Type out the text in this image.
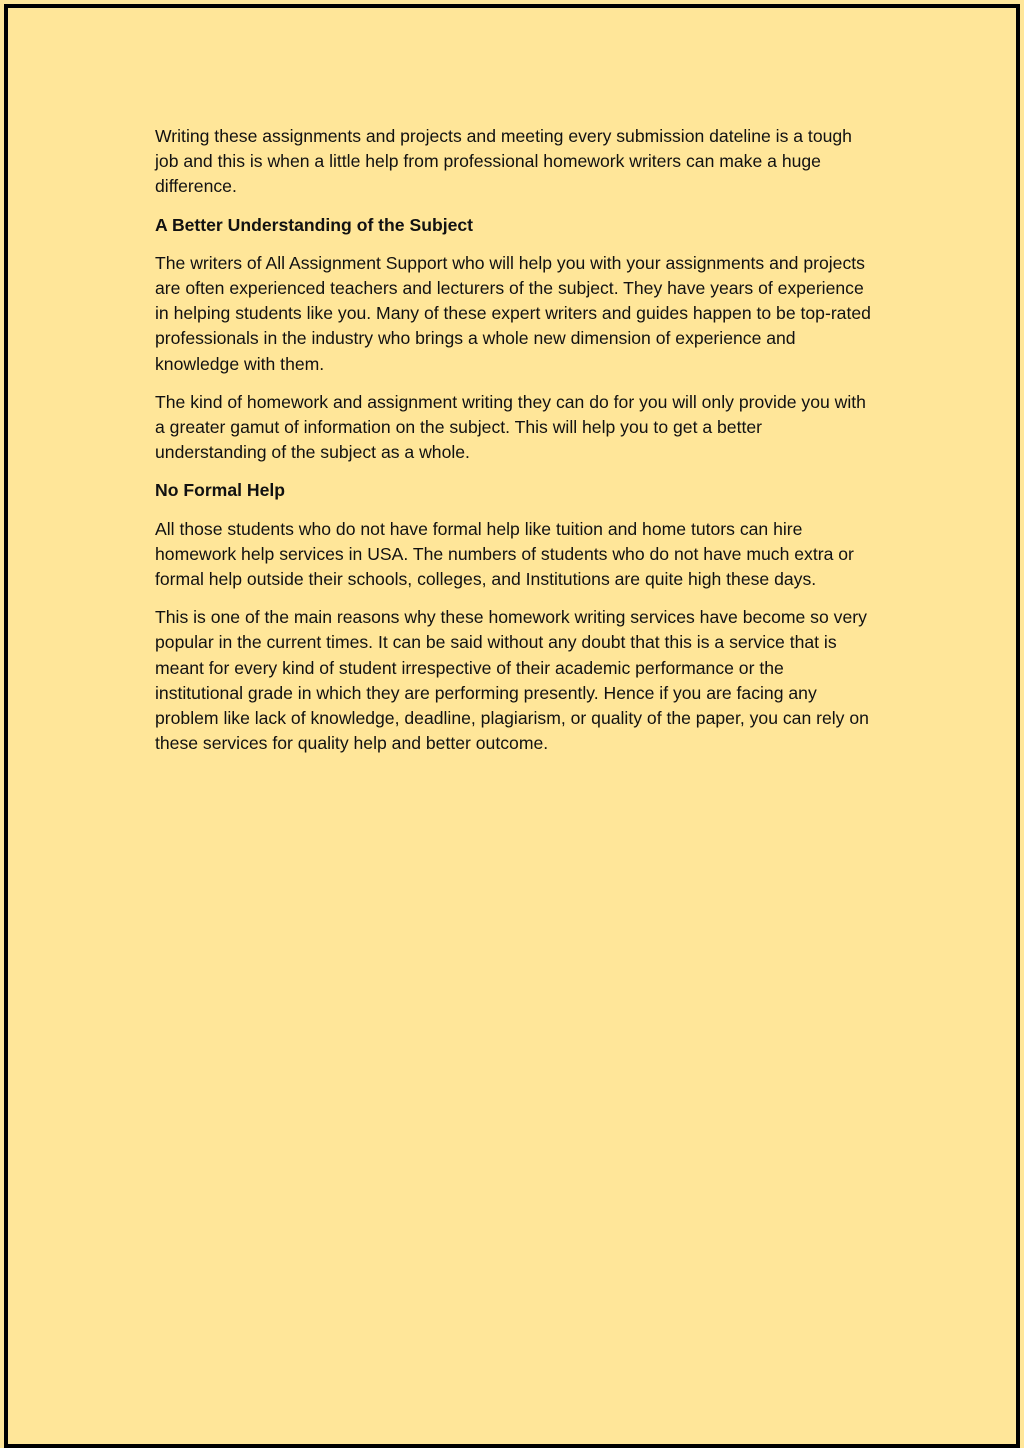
Writing these assignments and projects and meeting every submission dateline is a tough job and this is when a little help from professional homework writers can make a huge difference.

A Better Understanding of the Subject

The writers of All Assignment Support who will help you with your assignments and projects are often experienced teachers and lecturers of the subject. They have years of experience in helping students like you. Many of these expert writers and guides happen to be top-rated professionals in the industry who brings a whole new dimension of experience and knowledge with them.

The kind of homework and assignment writing they can do for you will only provide you with a greater gamut of information on the subject. This will help you to get a better understanding of the subject as a whole.

No Formal Help

All those students who do not have formal help like tuition and home tutors can hire homework help services in USA. The numbers of students who do not have much extra or formal help outside their schools, colleges, and Institutions are quite high these days.

This is one of the main reasons why these homework writing services have become so very popular in the current times. It can be said without any doubt that this is a service that is meant for every kind of student irrespective of their academic performance or the institutional grade in which they are performing presently. Hence if you are facing any problem like lack of knowledge, deadline, plagiarism, or quality of the paper, you can rely on these services for quality help and better outcome.
